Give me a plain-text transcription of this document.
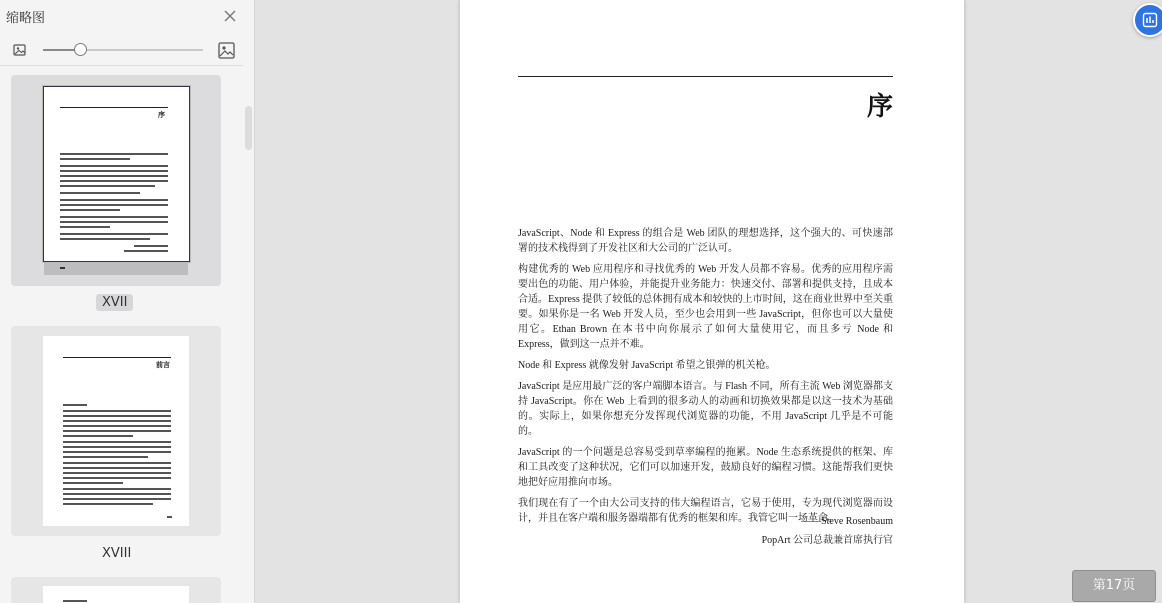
缩略图
序
XVII
前言
XVIII
序

JavaScript、Node 和 Express 的组合是 Web 团队的理想选择，这个强大的、可快速部署的技术栈得到了开发社区和大公司的广泛认可。

构建优秀的 Web 应用程序和寻找优秀的 Web 开发人员都不容易。优秀的应用程序需要出色的功能、用户体验，并能提升业务能力：快速交付、部署和提供支持，且成本合适。Express 提供了较低的总体拥有成本和较快的上市时间，这在商业世界中至关重要。如果你是一名 Web 开发人员，至少也会用到一些 JavaScript，但你也可以大量使用它。Ethan Brown 在本书中向你展示了如何大量使用它，而且多亏 Node 和 Express，做到这一点并不难。

Node 和 Express 就像发射 JavaScript 希望之银弹的机关枪。

JavaScript 是应用最广泛的客户端脚本语言。与 Flash 不同，所有主流 Web 浏览器都支持 JavaScript。你在 Web 上看到的很多动人的动画和切换效果都是以这一技术为基础的。实际上，如果你想充分发挥现代浏览器的功能，不用 JavaScript 几乎是不可能的。

JavaScript 的一个问题是总容易受到草率编程的拖累。Node 生态系统提供的框架、库和工具改变了这种状况，它们可以加速开发，鼓励良好的编程习惯。这能帮我们更快地把好应用推向市场。

我们现在有了一个由大公司支持的伟大编程语言，它易于使用，专为现代浏览器而设计，并且在客户端和服务器端都有优秀的框架和库。我管它叫一场革命。

——Steve Rosenbaum
PopArt 公司总裁兼首席执行官
第17页
